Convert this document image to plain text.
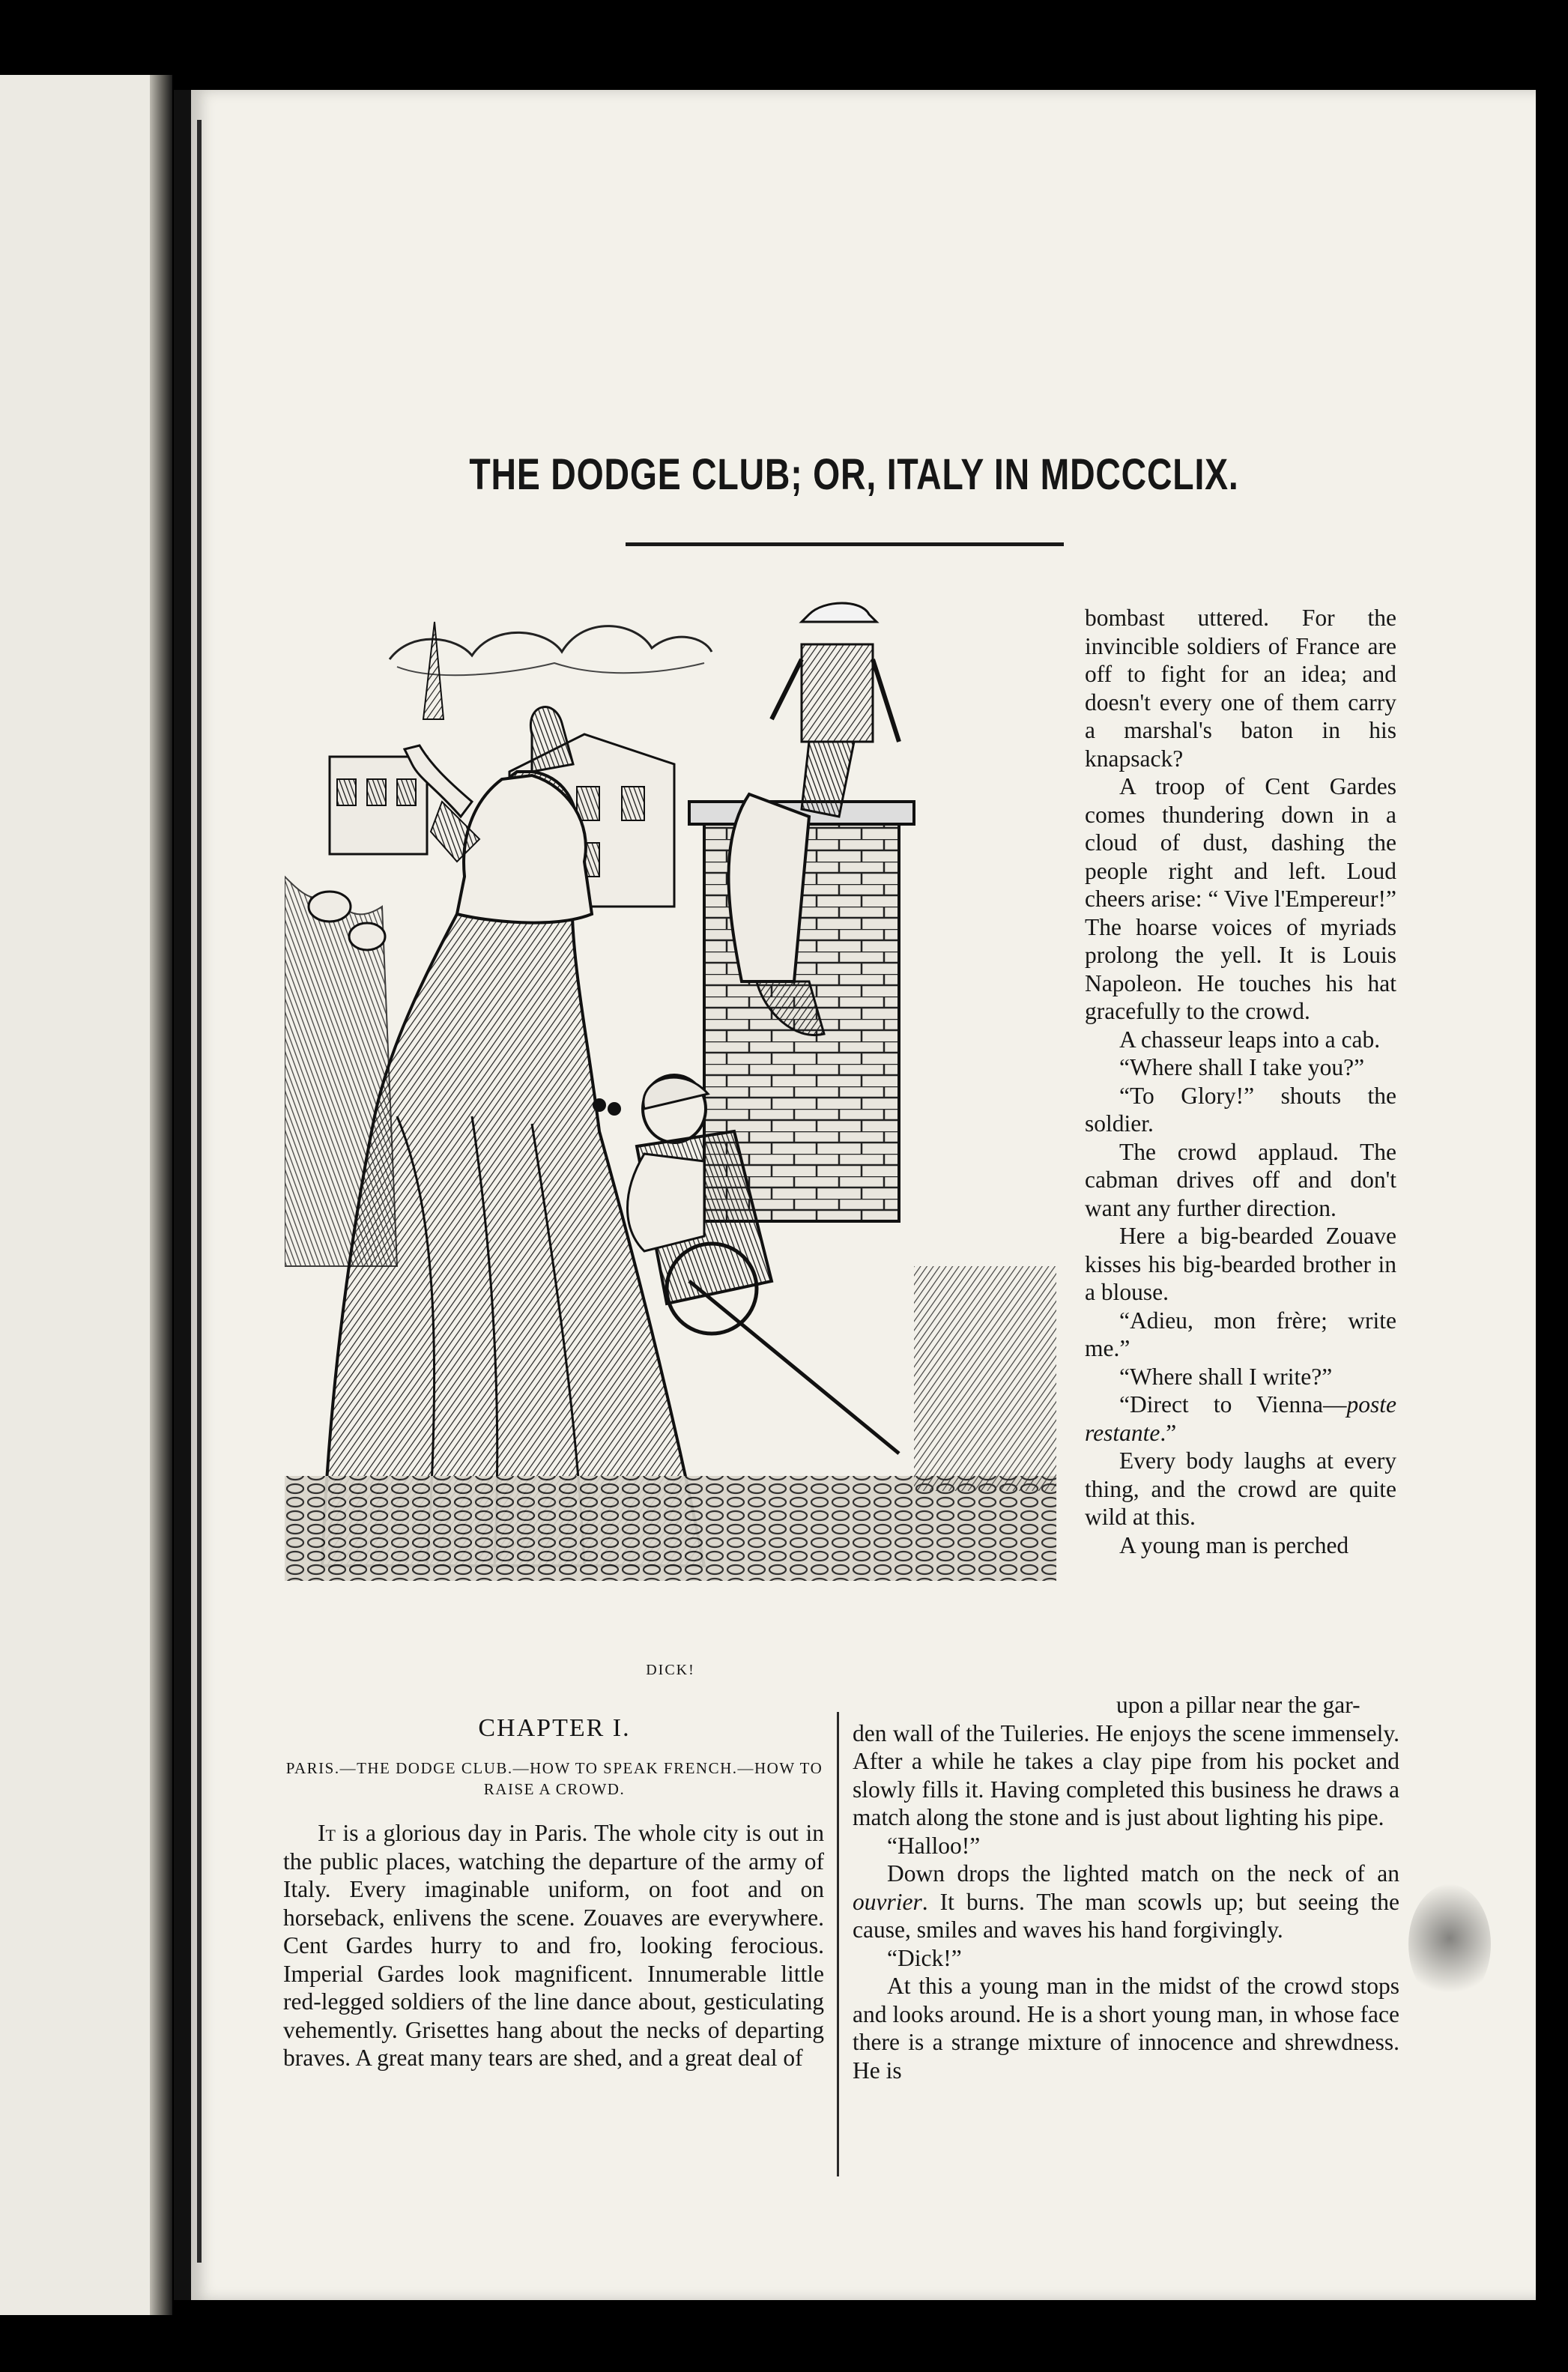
THE DODGE CLUB; OR, ITALY IN MDCCCLIX.
DICK!

bombast uttered. For the invincible soldiers of France are off to fight for an idea; and doesn't every one of them carry a marshal's baton in his knapsack?

A troop of Cent Gardes comes thundering down in a cloud of dust, dashing the people right and left. Loud cheers arise: “ Vive l'Empereur!” The hoarse voices of myriads prolong the yell. It is Louis Napoleon. He touches his hat gracefully to the crowd.

A chasseur leaps into a cab.

“Where shall I take you?”

“To Glory!” shouts the soldier.

The crowd applaud. The cabman drives off and don't want any further direction.

Here a big-bearded Zouave kisses his big-bearded brother in a blouse.

“Adieu, mon frère; write me.”

“Where shall I write?”

“Direct to Vienna—poste restante.”

Every body laughs at every thing, and the crowd are quite wild at this.

A young man is perched

CHAPTER I.
PARIS.—THE DODGE CLUB.—HOW TO SPEAK FRENCH.—HOW TO RAISE A CROWD.

It is a glorious day in Paris. The whole city is out in the public places, watching the departure of the army of Italy. Every imaginable uniform, on foot and on horseback, enlivens the scene. Zouaves are everywhere. Cent Gardes hurry to and fro, looking ferocious. Imperial Gardes look magnificent. Innumerable little red-legged soldiers of the line dance about, gesticulating vehemently. Grisettes hang about the necks of departing braves. A great many tears are shed, and a great deal of

upon a pillar near the gar-

den wall of the Tuileries. He enjoys the scene immensely. After a while he takes a clay pipe from his pocket and slowly fills it. Having completed this business he draws a match along the stone and is just about lighting his pipe.

“Halloo!”

Down drops the lighted match on the neck of an ouvrier. It burns. The man scowls up; but seeing the cause, smiles and waves his hand forgivingly.

“Dick!”

At this a young man in the midst of the crowd stops and looks around. He is a short young man, in whose face there is a strange mixture of innocence and shrewdness. He is
